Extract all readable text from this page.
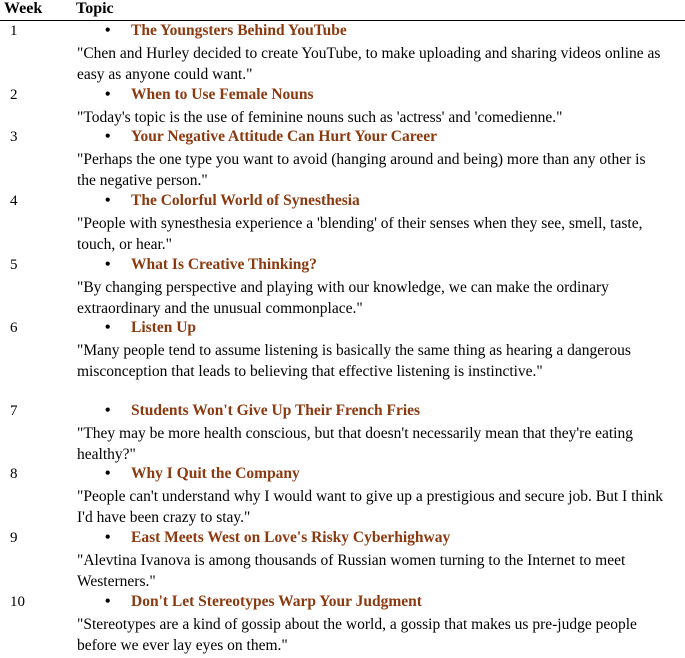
Week Topic
1	• The Youngsters Behind YouTube
"Chen and Hurley decided to create YouTube, to make uploading and sharing videos online as easy as anyone could want."
2	• When to Use Female Nouns
"Today's topic is the use of feminine nouns such as 'actress' and 'comedienne."
3	• Your Negative Attitude Can Hurt Your Career
"Perhaps the one type you want to avoid (hanging around and being) more than any other is the negative person."
4	• The Colorful World of Synesthesia
"People with synesthesia experience a 'blending' of their senses when they see, smell, taste, touch, or hear."
5	• What Is Creative Thinking?
"By changing perspective and playing with our knowledge, we can make the ordinary extraordinary and the unusual commonplace."
6	• Listen Up
"Many people tend to assume listening is basically the same thing as hearing a dangerous misconception that leads to believing that effective listening is instinctive."
7	• Students Won't Give Up Their French Fries
"They may be more health conscious, but that doesn't necessarily mean that they're eating healthy?"
8	• Why I Quit the Company
"People can't understand why I would want to give up a prestigious and secure job. But I think I'd have been crazy to stay."
9	• East Meets West on Love's Risky Cyberhighway
"Alevtina Ivanova is among thousands of Russian women turning to the Internet to meet Westerners."
10	• Don't Let Stereotypes Warp Your Judgment
"Stereotypes are a kind of gossip about the world, a gossip that makes us pre-judge people before we ever lay eyes on them."
